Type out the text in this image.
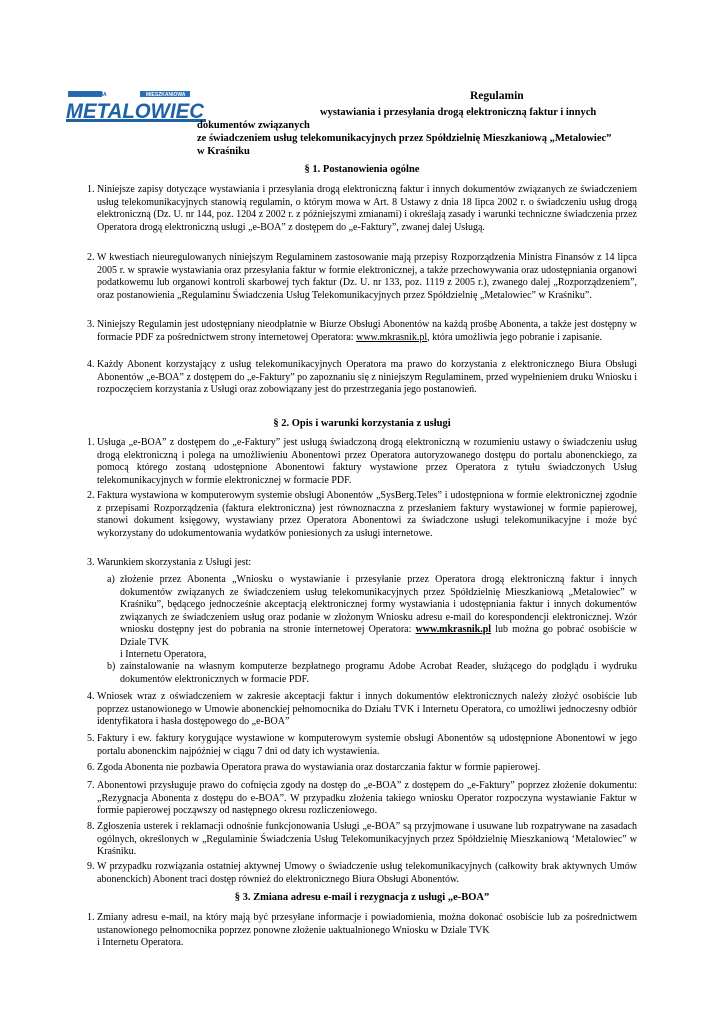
SPÓŁDZIELNIA	MIESZKANIOWA
METALOWIEC
Regulamin
wystawiania i przesyłania drogą elektroniczną faktur i innych
dokumentów związanych
ze świadczeniem usług telekomunikacyjnych przez Spółdzielnię Mieszkaniową „Metalowiec”
w Kraśniku
§ 1. Postanowienia ogólne
1. Niniejsze zapisy dotyczące wystawiania i przesyłania drogą elektroniczną faktur i innych dokumentów związanych ze świadczeniem usług telekomunikacyjnych stanowią regulamin, o którym mowa w Art. 8 Ustawy z dnia 18 lipca 2002 r. o świadczeniu usług drogą elektroniczną (Dz. U. nr 144, poz. 1204 z 2002 r. z późniejszymi zmianami) i określają zasady i warunki techniczne świadczenia przez Operatora drogą elektroniczną usługi „e-BOA” z dostępem do „e-Faktury”, zwanej dalej Usługą.
2. W kwestiach nieuregulowanych niniejszym Regulaminem zastosowanie mają przepisy Rozporządzenia Ministra Finansów z 14 lipca 2005 r. w sprawie wystawiania oraz przesyłania faktur w formie elektronicznej, a także przechowywania oraz udostępniania organowi podatkowemu lub organowi kontroli skarbowej tych faktur (Dz. U. nr 133, poz. 1119 z 2005 r.), zwanego dalej „Rozporządzeniem”, oraz postanowienia „Regulaminu Świadczenia Usług Telekomunikacyjnych przez Spółdzielnię „Metalowiec” w Kraśniku”.
3. Niniejszy Regulamin jest udostępniany nieodpłatnie w Biurze Obsługi Abonentów na każdą prośbę Abonenta, a także jest dostępny w formacie PDF za pośrednictwem strony internetowej Operatora: www.mkrasnik.pl, która umożliwia jego pobranie i zapisanie.
4. Każdy Abonent korzystający z usług telekomunikacyjnych Operatora ma prawo do korzystania z elektronicznego Biura Obsługi Abonentów „e-BOA” z dostępem do „e-Faktury” po zapoznaniu się z niniejszym Regulaminem, przed wypełnieniem druku Wniosku i rozpoczęciem korzystania z Usługi oraz zobowiązany jest do przestrzegania jego postanowień.
§ 2. Opis i warunki korzystania z usługi
1. Usługa „e-BOA” z dostępem do „e-Faktury” jest usługą świadczoną drogą elektroniczną w rozumieniu ustawy o świadczeniu usług drogą elektroniczną i polega na umożliwieniu Abonentowi przez Operatora autoryzowanego dostępu do portalu abonenckiego, za pomocą którego zostaną udostępnione Abonentowi faktury wystawione przez Operatora z tytułu świadczonych Usług telekomunikacyjnych w formie elektronicznej w formacie PDF.
2. Faktura wystawiona w komputerowym systemie obsługi Abonentów „SysBerg.Teles” i udostępniona w formie elektronicznej zgodnie z przepisami Rozporządzenia (faktura elektroniczna) jest równoznaczna z przesłaniem faktury wystawionej w formie papierowej, stanowi dokument księgowy, wystawiany przez Operatora Abonentowi za świadczone usługi telekomunikacyjne i może być wykorzystany do udokumentowania wydatków poniesionych za usługi internetowe.
3. Warunkiem skorzystania z Usługi jest:
a) złożenie przez Abonenta „Wniosku o wystawianie i przesyłanie przez Operatora drogą elektroniczną faktur i innych dokumentów związanych ze świadczeniem usług telekomunikacyjnych przez Spółdzielnię Mieszkaniową „Metalowiec” w Kraśniku”, będącego jednocześnie akceptacją elektronicznej formy wystawiania i udostępniania faktur i innych dokumentów związanych ze świadczeniem usług oraz podanie w złożonym Wniosku adresu e-mail do korespondencji elektronicznej. Wzór wniosku dostępny jest do pobrania na stronie internetowej Operatora: www.mkrasnik.pl lub można go pobrać osobiście w Dziale TVK
i Internetu Operatora,
b) zainstalowanie na własnym komputerze bezpłatnego programu Adobe Acrobat Reader, służącego do podglądu i wydruku dokumentów elektronicznych w formacie PDF.
4. Wniosek wraz z oświadczeniem w zakresie akceptacji faktur i innych dokumentów elektronicznych należy złożyć osobiście lub poprzez ustanowionego w Umowie abonenckiej pełnomocnika do Działu TVK i Internetu Operatora, co umożliwi jednoczesny odbiór identyfikatora i hasła dostępowego do „e-BOA”
5. Faktury i ew. faktury korygujące wystawione w komputerowym systemie obsługi Abonentów są udostępnione Abonentowi w jego portalu abonenckim najpóźniej w ciągu 7 dni od daty ich wystawienia.
6. Zgoda Abonenta nie pozbawia Operatora prawa do wystawiania oraz dostarczania faktur w formie papierowej.
7. Abonentowi przysługuje prawo do cofnięcia zgody na dostęp do „e-BOA” z dostępem do „e-Faktury” poprzez złożenie dokumentu: „Rezygnacja Abonenta z dostępu do e-BOA”. W przypadku złożenia takiego wniosku Operator rozpoczyna wystawianie Faktur w formie papierowej począwszy od następnego okresu rozliczeniowego.
8. Zgłoszenia usterek i reklamacji odnośnie funkcjonowania Usługi „e-BOA” są przyjmowane i usuwane lub rozpatrywane na zasadach ogólnych, określonych w „Regulaminie Świadczenia Usług Telekomunikacyjnych przez Spółdzielnię Mieszkaniową ‘Metalowiec” w Kraśniku.
9. W przypadku rozwiązania ostatniej aktywnej Umowy o świadczenie usług telekomunikacyjnych (całkowity brak aktywnych Umów abonenckich) Abonent traci dostęp również do elektronicznego Biura Obsługi Abonentów.
§ 3. Zmiana adresu e-mail i rezygnacja z usługi „e-BOA”
1. Zmiany adresu e-mail, na który mają być przesyłane informacje i powiadomienia, można dokonać osobiście lub za pośrednictwem ustanowionego pełnomocnika poprzez ponowne złożenie uaktualnionego Wniosku w Dziale TVK
i Internetu Operatora.
